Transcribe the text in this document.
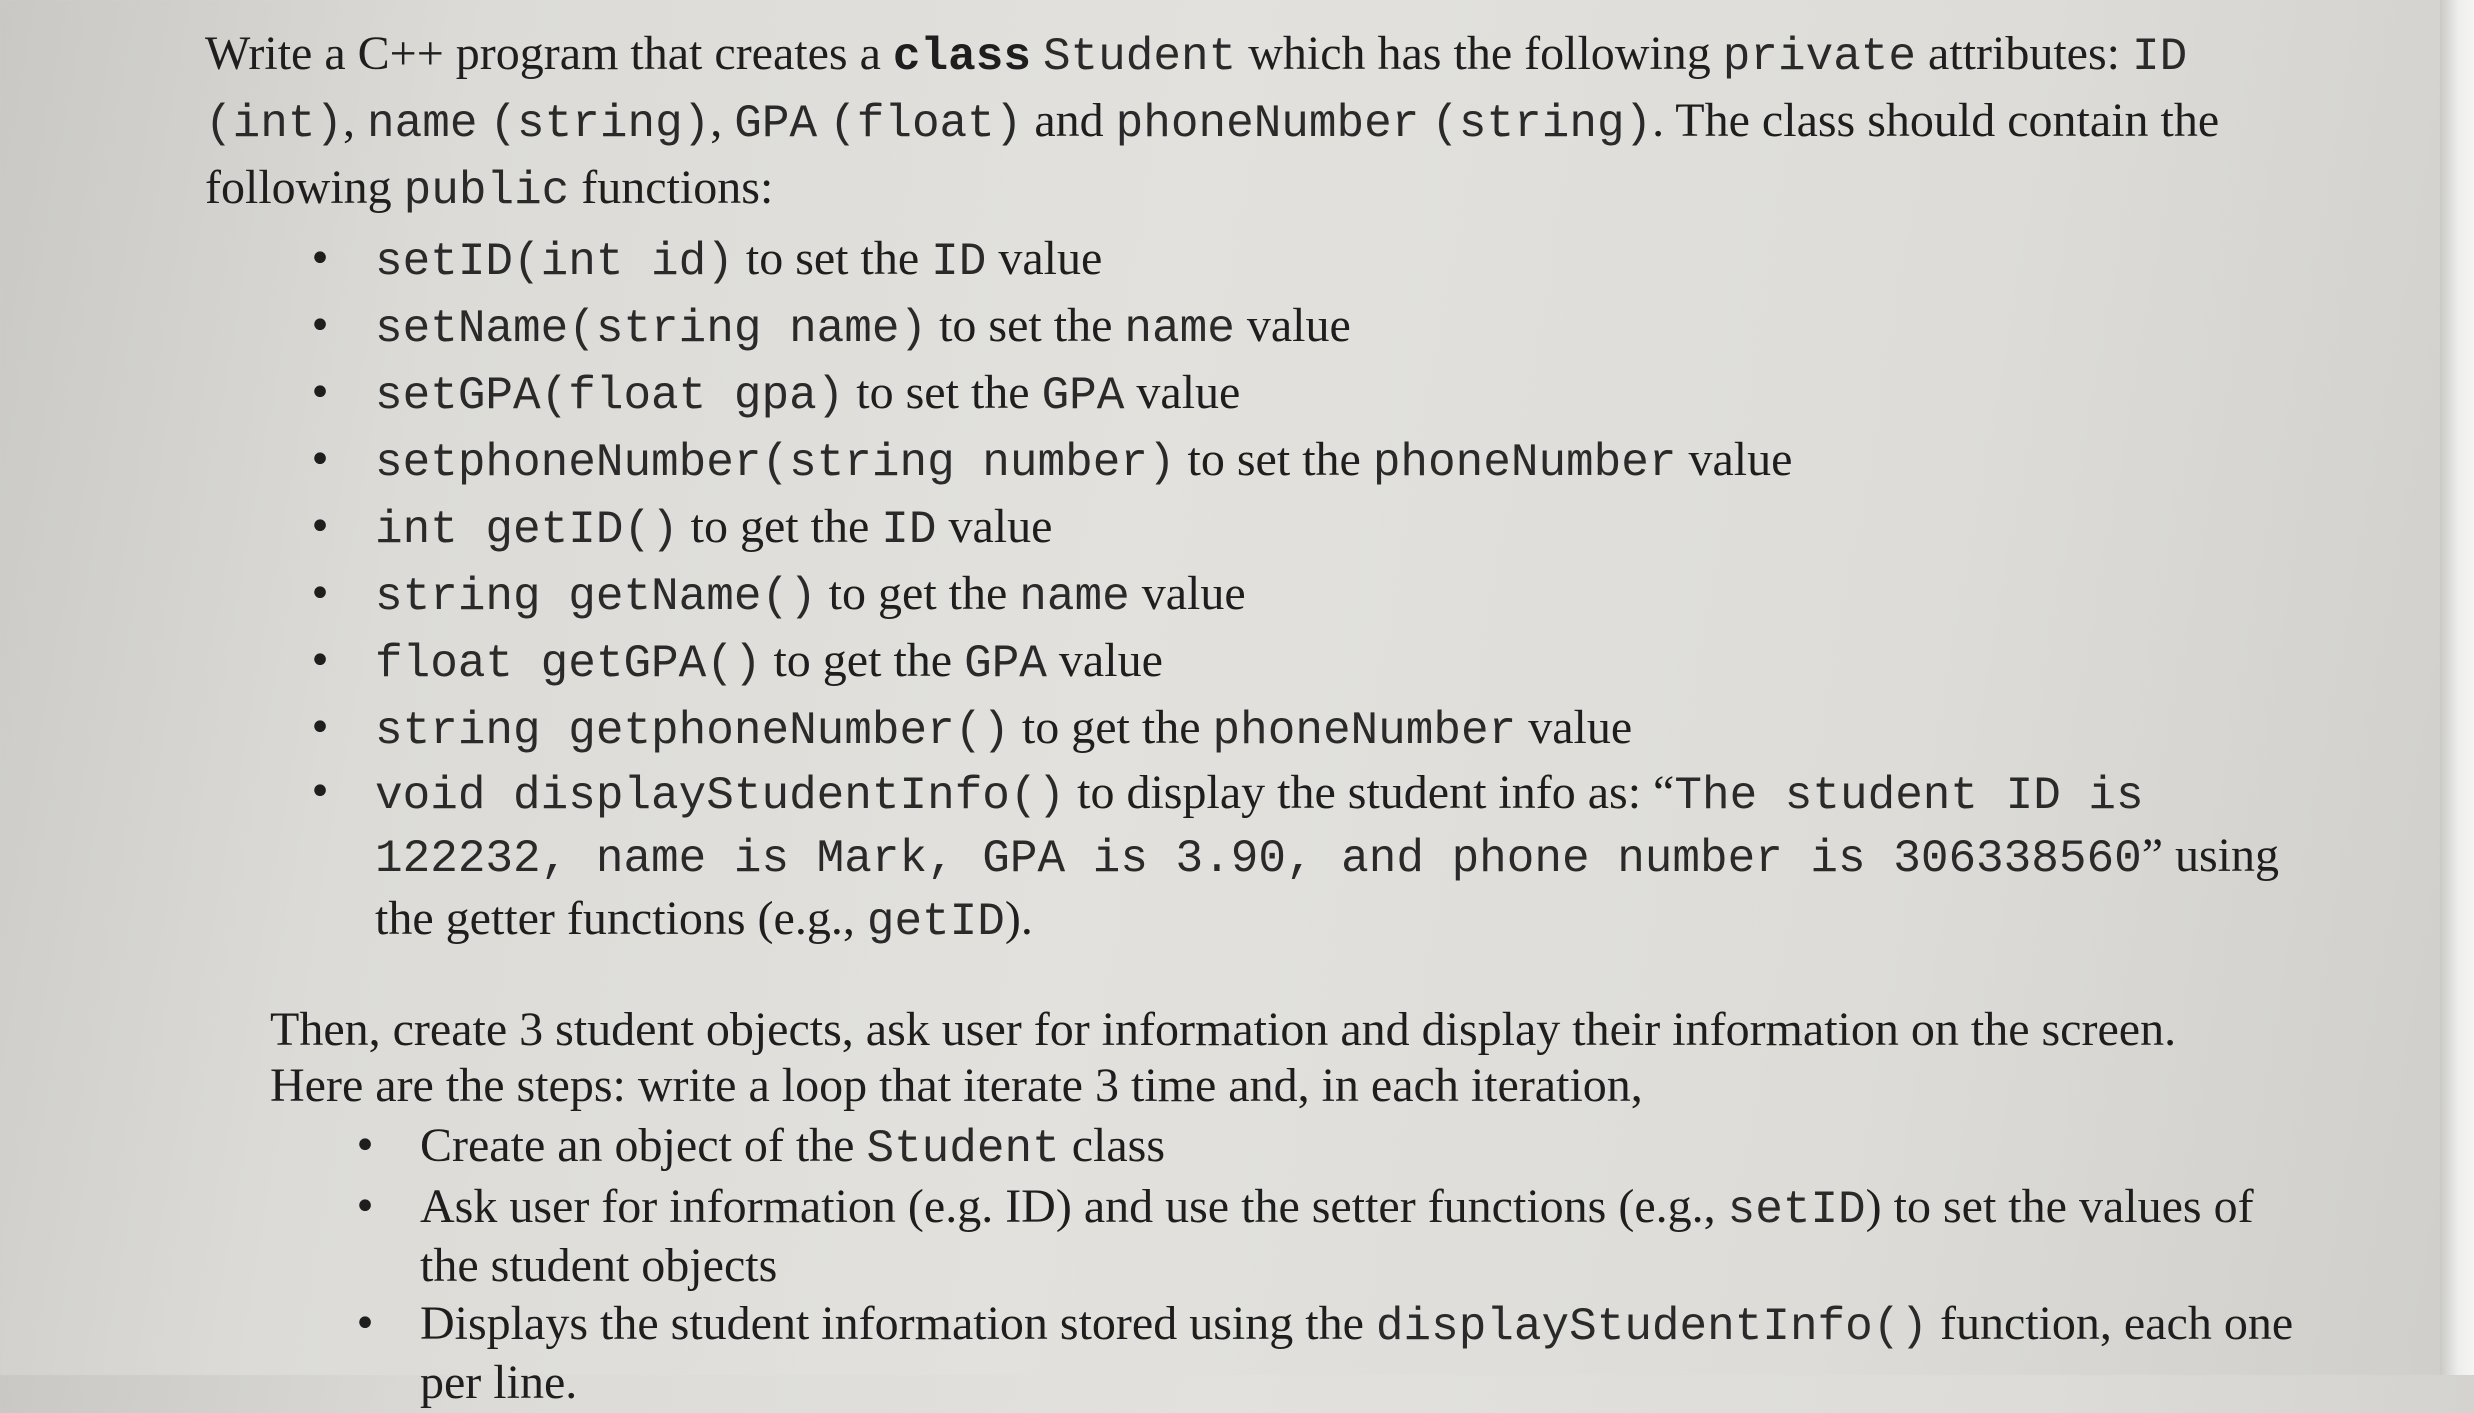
Write a C++ program that creates a class Student which has the following private attributes: ID (int), name (string), GPA (float) and phoneNumber (string). The class should contain the following public functions:

• setID(int id) to set the ID value
• setName(string name) to set the name value
• setGPA(float gpa) to set the GPA value
• setphoneNumber(string number) to set the phoneNumber value
• int getID() to get the ID value
• string getName() to get the name value
• float getGPA() to get the GPA value
• string getphoneNumber() to get the phoneNumber value
• void displayStudentInfo() to display the student info as: “The student ID is 122232, name is Mark, GPA is 3.90, and phone number is 306338560” using the getter functions (e.g., getID).

Then, create 3 student objects, ask user for information and display their information on the screen. Here are the steps: write a loop that iterate 3 time and, in each iteration,

• Create an object of the Student class
• Ask user for information (e.g. ID) and use the setter functions (e.g., setID) to set the values of the student objects
• Displays the student information stored using the displayStudentInfo() function, each one per line.
